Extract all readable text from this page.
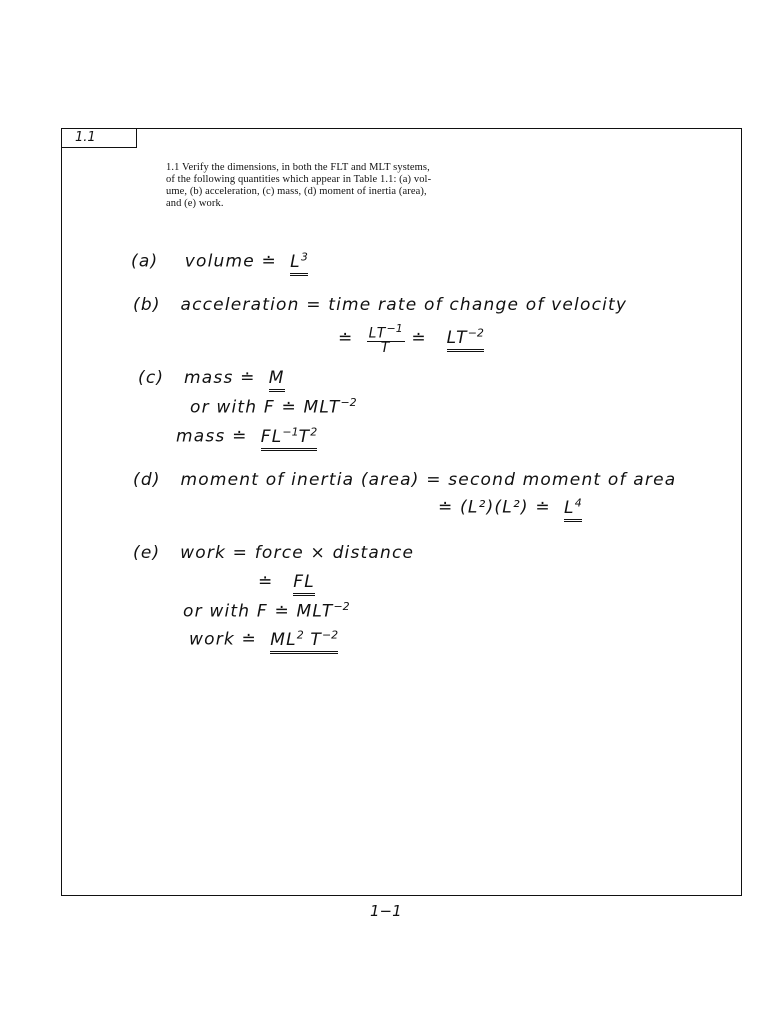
1.1
1.1 Verify the dimensions, in both the FLT and MLT systems,
of the following quantities which appear in Table 1.1: (a) vol-
ume, (b) acceleration, (c) mass, (d) moment of inertia (area),
and (e) work.
(a) volume ≐ $L^3$
(b) acceleration = time rate of change of velocity
≐ $\frac{LT^{-1}}{T}$ ≐ $LT^{-2}$
(c) mass ≐ M
or with F ≐ $MLT^{-2}$
mass ≐ $FL^{-1}T^2$
(d) moment of inertia (area) = second moment of area
≐ (L²)(L²) ≐ $L^4$
(e) work = force × distance
≐ FL
or with F ≐ $MLT^{-2}$
work ≐ $ML^2$ $T^{-2}$
1−1
